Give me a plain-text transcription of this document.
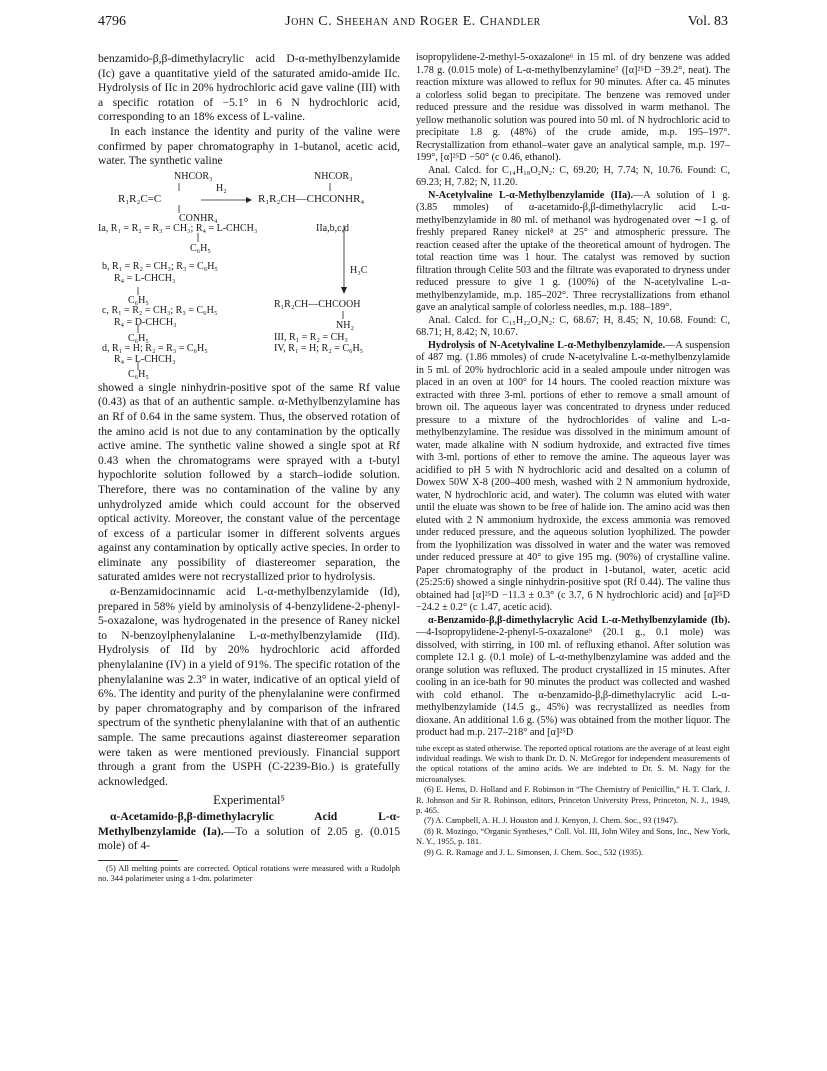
4796	John C. Sheehan and Roger E. Chandler	Vol. 83

benzamido-β,β-dimethylacrylic acid D-α-methylbenzylamide (Ic) gave a quantitative yield of the saturated amido-amide IIc. Hydrolysis of IIc in 20% hydrochloric acid gave valine (III) with a specific rotation of −5.1° in 6 N hydrochloric acid, corresponding to an 18% excess of L-valine.

In each instance the identity and purity of the valine were confirmed by paper chromatography in 1-butanol, acetic acid, water. The synthetic valine

NHCOR₃	NHCOR₃
H₂
R₁R₂C=C	R₁R₂CH—CHCONHR₄
CONHR₄
Ia, R₁ = R₂ = R₃ = CH₃; R₄ = L-CHCH₃	IIa,b,c,d
C₆H₅
b, R₁ = R₂ = CH₃; R₃ = C₆H₅
R₄ = L-CHCH₃
H₃C
C₆H₅
c, R₁ = R₂ = CH₃; R₃ = C₆H₅
R₁R₂CH—CHCOOH
R₄ = D-CHCH₃	NH₂
C₆H₅	III, R₁ = R₂ = CH₃
d, R₁ = H; R₂ = R₃ = C₆H₅	IV, R₁ = H; R₂ = C₆H₅
R₄ = L-CHCH₃
C₆H₅

showed a single ninhydrin-positive spot of the same Rf value (0.43) as that of an authentic sample. α-Methylbenzylamine has an Rf of 0.64 in the same system. Thus, the observed rotation of the amino acid is not due to any contamination by the optically active amine. The synthetic valine showed a single spot at Rf 0.43 when the chromatograms were sprayed with a t-butyl hypochlorite solution followed by a starch–iodide solution. Therefore, there was no contamination of the valine by any unhydrolyzed amide which could account for the observed optical activity. Moreover, the constant value of the percentage of excess of a particular isomer in different solvents argues against any contamination by optically active species. In order to eliminate any possibility of diastereomer separation, the saturated amides were not recrystallized prior to hydrolysis.

α-Benzamidocinnamic acid L-α-methylbenzylamide (Id), prepared in 58% yield by aminolysis of 4-benzylidene-2-phenyl-5-oxazalone, was hydrogenated in the presence of Raney nickel to N-benzoylphenylalanine L-α-methylbenzylamide (IId). Hydrolysis of IId by 20% hydrochloric acid afforded phenylalanine (IV) in a yield of 91%. The specific rotation of the phenylalanine was 2.3° in water, indicative of an optical yield of 6%. The identity and purity of the phenylalanine were confirmed by paper chromatography and by comparison of the infrared spectrum of the synthetic phenylalanine with that of an authentic sample. The same precautions against diastereomer separation were taken as were mentioned previously. Financial support through a grant from the USPH (C-2239-Bio.) is gratefully acknowledged.

Experimental⁵

α-Acetamido-β,β-dimethylacrylic Acid L-α-Methylbenzylamide (Ia).—To a solution of 2.05 g. (0.015 mole) of 4-

(5) All melting points are corrected. Optical rotations were measured with a Rudolph no. 344 polarimeter using a 1-dm. polarimeter

isopropylidene-2-methyl-5-oxazalone⁶ in 15 ml. of dry benzene was added 1.78 g. (0.015 mole) of L-α-methylbenzylamine⁷ ([α]²⁵D −39.2°, neat). The reaction mixture was allowed to reflux for 90 minutes. After ca. 45 minutes a colorless solid began to precipitate. The benzene was removed under reduced pressure and the residue was dissolved in warm methanol. The yellow methanolic solution was poured into 50 ml. of N hydrochloric acid to precipitate 1.8 g. (48%) of the crude amide, m.p. 195–197°. Recrystallization from ethanol–water gave an analytical sample, m.p. 197–199°, [α]²⁵D −50° (c 0.46, ethanol).

Anal. Calcd. for C₁₄H₁₈O₂N₂: C, 69.20; H, 7.74; N, 10.76. Found: C, 69.23; H, 7.82; N, 11.20.

N-Acetylvaline L-α-Methylbenzylamide (IIa).—A solution of 1 g. (3.85 mmoles) of α-acetamido-β,β-dimethylacrylic acid L-α-methylbenzylamide in 80 ml. of methanol was hydrogenated over ∼1 g. of freshly prepared Raney nickel⁸ at 25° and atmospheric pressure. The reaction ceased after the uptake of the theoretical amount of hydrogen. The total reaction time was 1 hour. The catalyst was removed by suction filtration through Celite 503 and the filtrate was evaporated to dryness under reduced pressure to give 1 g. (100%) of the N-acetylvaline L-α-methylbenzylamide, m.p. 185–202°. Three recrystallizations from ethanol gave an analytical sample of colorless needles, m.p. 188–189°.

Anal. Calcd. for C₁₅H₂₂O₂N₂: C, 68.67; H, 8.45; N, 10.68. Found: C, 68.71; H, 8.42; N, 10.67.

Hydrolysis of N-Acetylvaline L-α-Methylbenzylamide.—A suspension of 487 mg. (1.86 mmoles) of crude N-acetylvaline L-α-methylbenzylamide in 5 ml. of 20% hydrochloric acid in a sealed ampoule under nitrogen was placed in an oven at 100° for 14 hours. The cooled reaction mixture was extracted with three 3-ml. portions of ether to remove a small amount of brown oil. The aqueous layer was concentrated to dryness under reduced pressure to a mixture of the hydrochlorides of valine and L-α-methylbenzylamine. The residue was dissolved in the minimum amount of water, made alkaline with N sodium hydroxide, and extracted five times with 3-ml. portions of ether to remove the amine. The aqueous layer was acidified to pH 5 with N hydrochloric acid and desalted on a column of Dowex 50W X-8 (200–400 mesh, washed with 2 N ammonium hydroxide, water, N hydrochloric acid, and water). The column was eluted with water until the eluate was shown to be free of halide ion. The amino acid was then eluted with 2 N ammonium hydroxide, the excess ammonia was removed under reduced pressure, and the aqueous solution lyophilized. The powder from the lyophilization was dissolved in water and the water was removed under reduced pressure at 40° to give 195 mg. (90%) of crystalline valine. Paper chromatography of the product in 1-butanol, water, acetic acid (25:25:6) showed a single ninhydrin-positive spot (Rf 0.44). The valine thus obtained had [α]²⁵D −11.3 ± 0.3° (c 3.7, 6 N hydrochloric acid) and [α]²⁵D −24.2 ± 0.2° (c 1.47, acetic acid).

α-Benzamido-β,β-dimethylacrylic Acid L-α-Methylbenzylamide (Ib).—4-Isopropylidene-2-phenyl-5-oxazalone⁹ (20.1 g., 0.1 mole) was dissolved, with stirring, in 100 ml. of refluxing ethanol. After solution was complete 12.1 g. (0.1 mole) of L-α-methylbenzylamine was added and the orange solution was refluxed. The product crystallized in 15 minutes. After cooling in an ice-bath for 90 minutes the product was collected and washed with cold ethanol. The α-benzamido-β,β-dimethylacrylic acid L-α-methylbenzylamide (14.5 g., 45%) was recrystallized as needles from dioxane. An additional 1.6 g. (5%) was obtained from the mother liquor. The product had m.p. 217–218° and [α]²⁵D

tube except as stated otherwise. The reported optical rotations are the average of at least eight individual readings. We wish to thank Dr. D. N. McGregor for independent measurements of the optical rotations of the amino acids. We are indebted to Dr. S. M. Nagy for the microanalyses.

(6) E. Hems, D. Holland and F. Robinson in “The Chemistry of Penicillin,” H. T. Clark, J. R. Johnson and Sir R. Robinson, editors, Princeton University Press, Princeton, N. J., 1949, p. 465.

(7) A. Campbell, A. H. J. Houston and J. Kenyon, J. Chem. Soc., 93 (1947).

(8) R. Mozingo, “Organic Syntheses,” Coll. Vol. III, John Wiley and Sons, Inc., New York, N. Y., 1955, p. 181.

(9) G. R. Ramage and J. L. Simonsen, J. Chem. Soc., 532 (1935).
